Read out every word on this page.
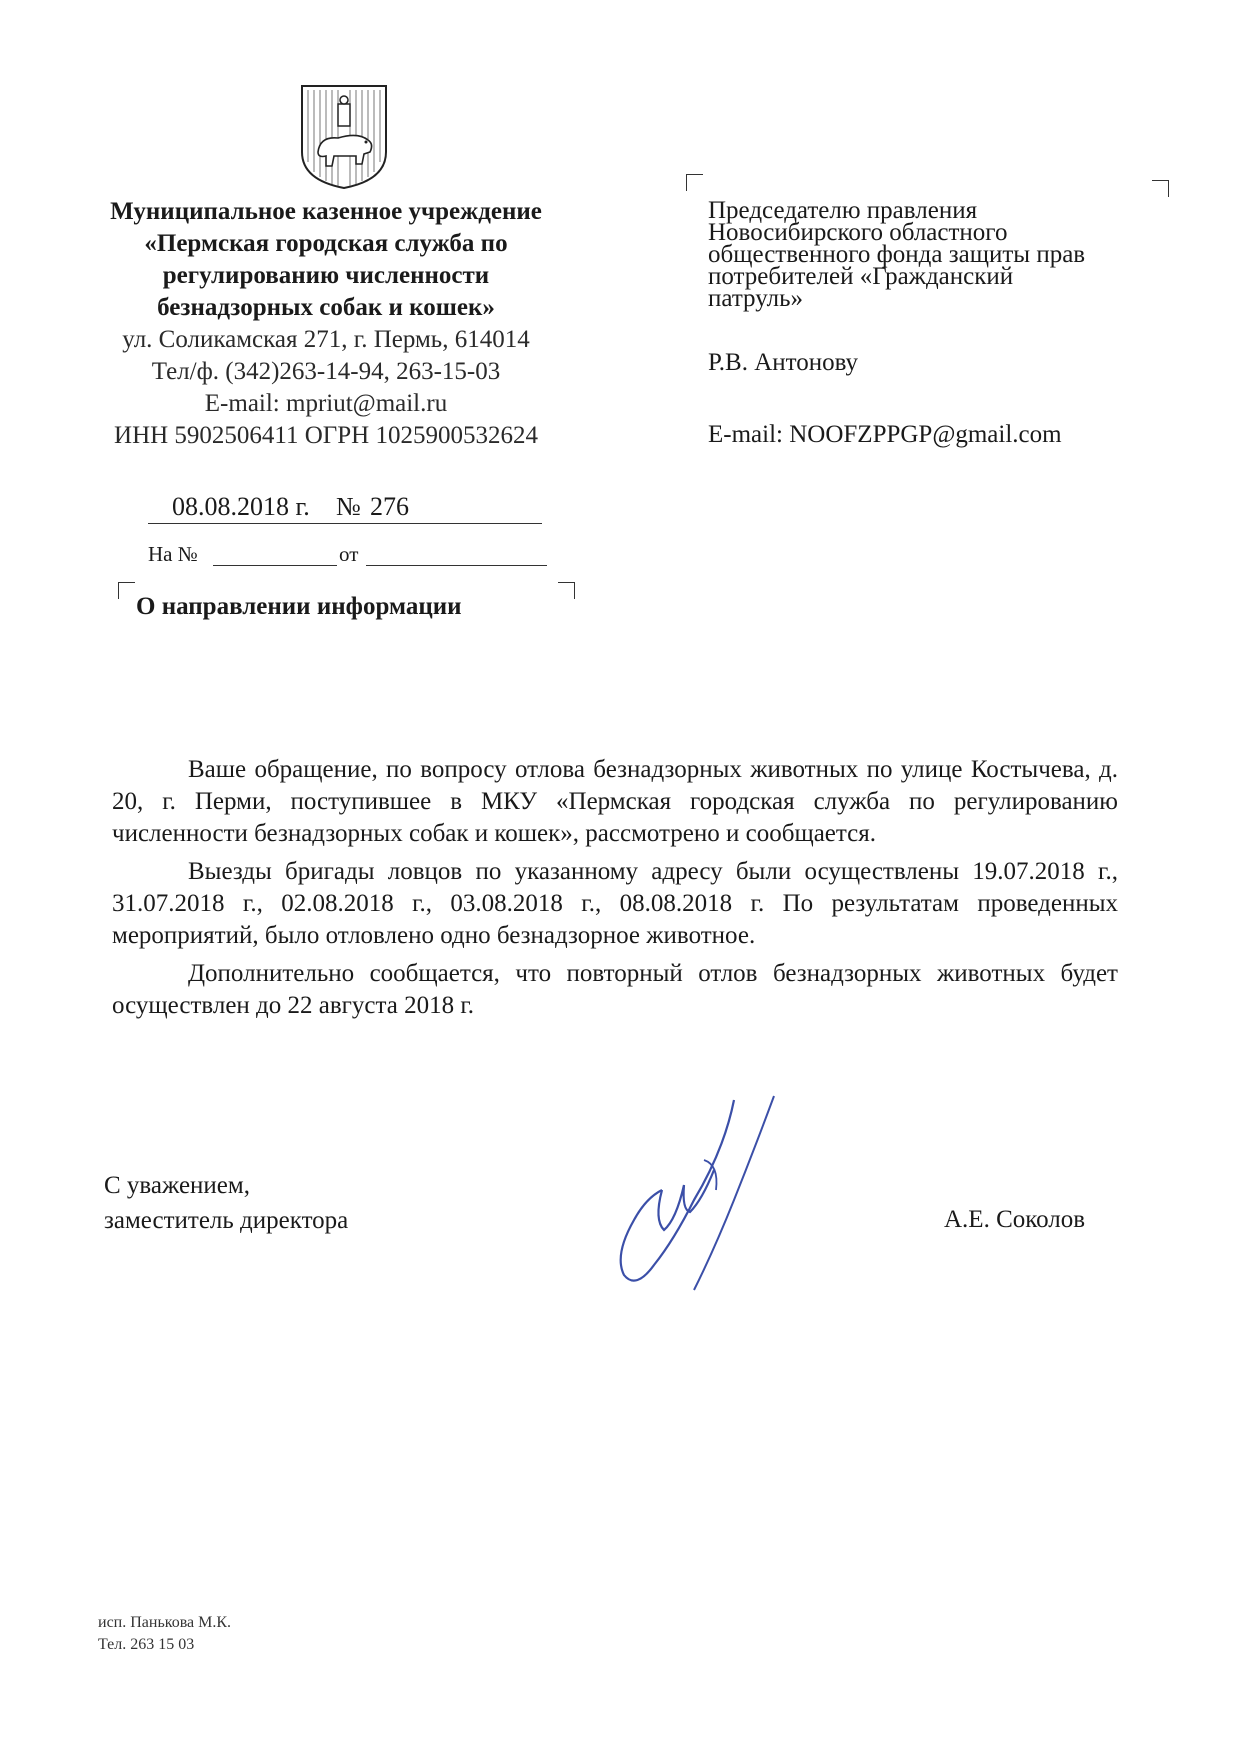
Муниципальное казенное учреждение
«Пермская городская служба по
регулированию численности
безнадзорных собак и кошек»
ул. Соликамская 271, г. Пермь, 614014
Тел/ф. (342)263-14-94, 263-15-03
E-mail: mpriut@mail.ru
ИНН 5902506411 ОГРН 1025900532624
08.08.2018 г. № 276
На №	от
О направлении информации
Председателю правления
Новосибирского областного
общественного фонда защиты прав
потребителей «Гражданский
патруль»
Р.В. Антонову
E-mail: NOOFZPPGP@gmail.com

Ваше обращение, по вопросу отлова безнадзорных животных по улице Костычева, д. 20, г. Перми, поступившее в МКУ «Пермская городская служба по регулированию численности безнадзорных собак и кошек», рассмотрено и сообщается.

Выезды бригады ловцов по указанному адресу были осуществлены 19.07.2018 г., 31.07.2018 г., 02.08.2018 г., 03.08.2018 г., 08.08.2018 г. По результатам проведенных мероприятий, было отловлено одно безнадзорное животное.

Дополнительно сообщается, что повторный отлов безнадзорных животных будет осуществлен до 22 августа 2018 г.

С уважением,
заместитель директора	А.Е. Соколов
исп. Панькова М.К.
Тел. 263 15 03
